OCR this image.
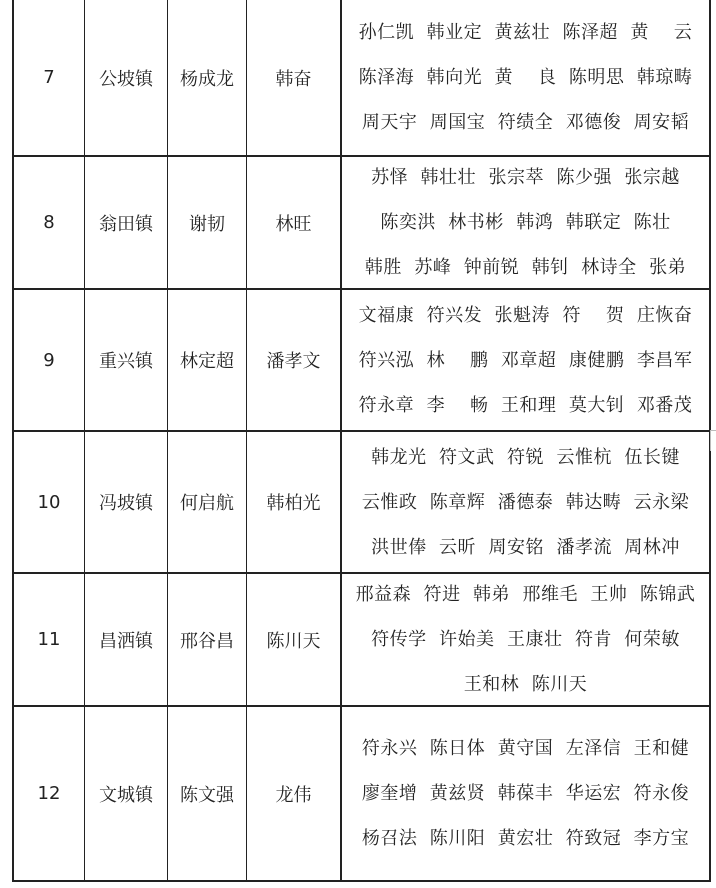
7	公坡镇	杨成龙	韩奋
孙仁凯  韩业定  黄兹壮  陈泽超  黄    云
陈泽海  韩向光  黄    良  陈明思  韩琼畴
周天宇  周国宝  符绩全  邓德俊  周安韬
8	翁田镇	谢韧	林旺
苏怿  韩壮壮  张宗萃  陈少强  张宗越
陈奕洪  林书彬  韩鸿  韩联定  陈壮
韩胜  苏峰  钟前锐  韩钊  林诗全  张弟
9	重兴镇	林定超	潘孝文
文福康  符兴发  张魁涛  符    贺  庄恢奋
符兴泓  林    鹏  邓章超  康健鹏  李昌军
符永章  李    畅  王和理  莫大钊  邓番茂
10	冯坡镇	何启航	韩柏光
韩龙光  符文武  符锐  云惟杭  伍长键
云惟政  陈章辉  潘德泰  韩达畴  云永梁
洪世俸  云昕  周安铭  潘孝流  周林冲
11	昌洒镇	邢谷昌	陈川天
邢益森  符进  韩弟  邢维毛  王帅  陈锦武
符传学  许始美  王康壮  符肯  何荣敏
王和林  陈川天
12	文城镇	陈文强	龙伟
符永兴  陈日体  黄守国  左泽信  王和健
廖奎增  黄兹贤  韩葆丰  华运宏  符永俊
杨召法  陈川阳  黄宏壮  符致冠  李方宝
